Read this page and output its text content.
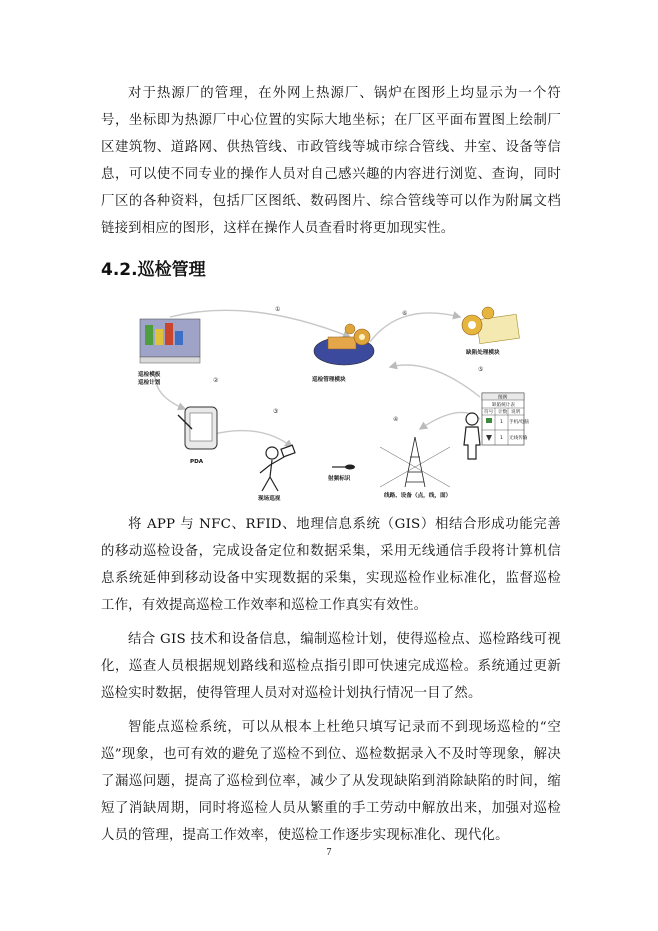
对于热源厂的管理，在外网上热源厂、锅炉在图形上均显示为一个符号，坐标即为热源厂中心位置的实际大地坐标；在厂区平面布置图上绘制厂区建筑物、道路网、供热管线、市政管线等城市综合管线、井室、设备等信息，可以使不同专业的操作人员对自己感兴趣的内容进行浏览、查询，同时厂区的各种资料，包括厂区图纸、数码图片、综合管线等可以作为附属文档链接到相应的图形，这样在操作人员查看时将更加现实性。

4.2.巡检管理
①
②
③
④
⑤
⑥
巡检模板
巡检计划	巡检管理模块
缺陷处理模块
PDA
现场巡视
射频标识
线路、设备（点，线，面）
图例
缺陷统计表
符号 计数 说明
1 手机/电脑
1 无线传输

将 APP 与 NFC、RFID、地理信息系统（GIS）相结合形成功能完善的移动巡检设备，完成设备定位和数据采集，采用无线通信手段将计算机信息系统延伸到移动设备中实现数据的采集，实现巡检作业标准化，监督巡检工作，有效提高巡检工作效率和巡检工作真实有效性。

结合 GIS 技术和设备信息，编制巡检计划，使得巡检点、巡检路线可视化，巡查人员根据规划路线和巡检点指引即可快速完成巡检。系统通过更新巡检实时数据，使得管理人员对对巡检计划执行情况一目了然。

智能点巡检系统，可以从根本上杜绝只填写记录而不到现场巡检的“空巡”现象，也可有效的避免了巡检不到位、巡检数据录入不及时等现象，解决了漏巡问题，提高了巡检到位率，减少了从发现缺陷到消除缺陷的时间，缩短了消缺周期，同时将巡检人员从繁重的手工劳动中解放出来，加强对巡检人员的管理，提高工作效率，使巡检工作逐步实现标准化、现代化。

7
